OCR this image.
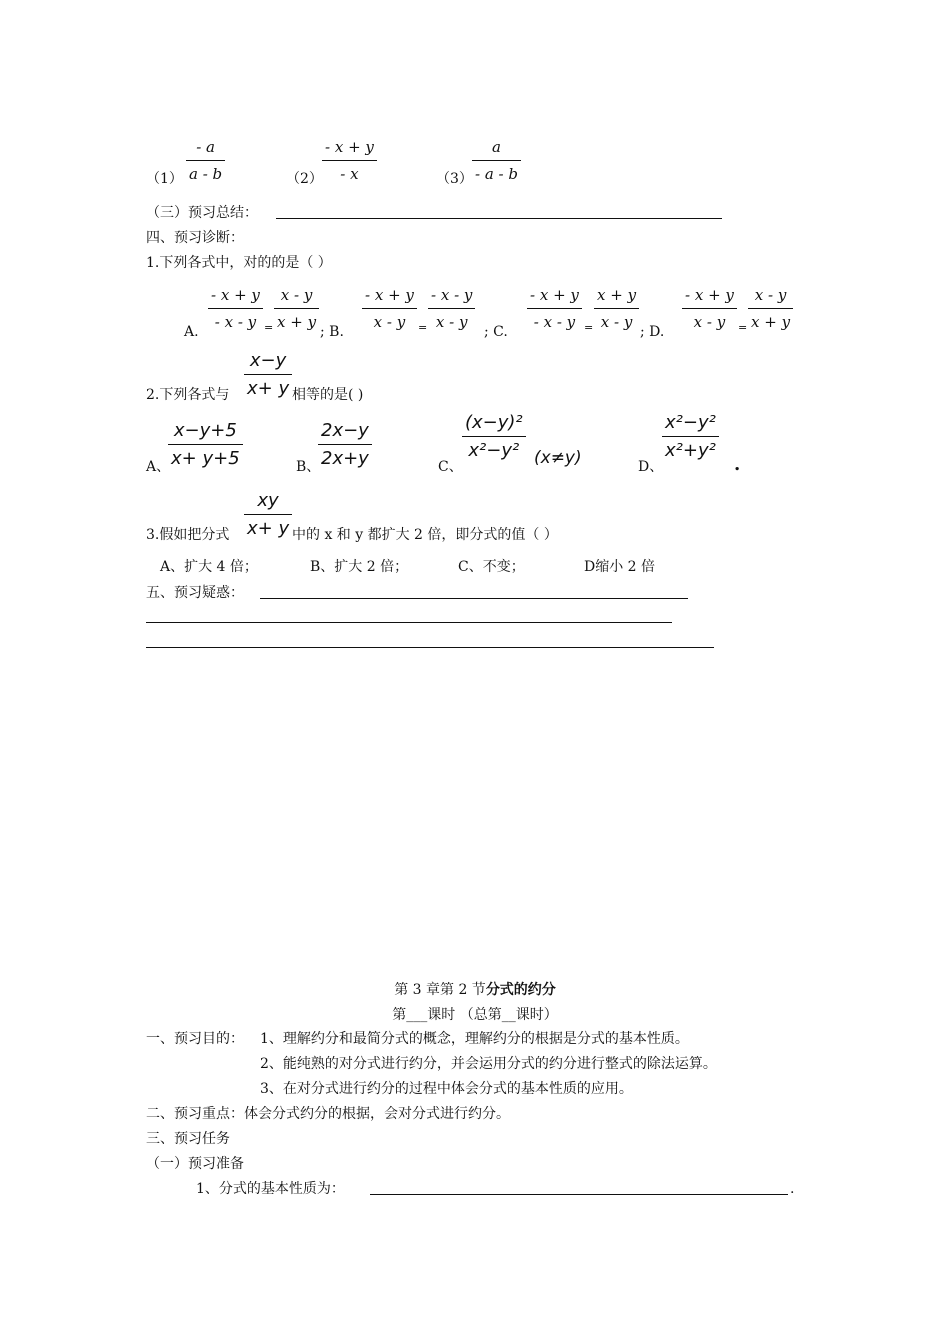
（1）
- a
a - b	（2）
- x + y
- x	（3）
a
- a - b
（三）预习总结：
四、预习诊断：
1.下列各式中，对的的是（ ）
A.
- x + y
- x - y =
x - y
x + y
; B.
- x + y
x - y =
- x - y
x - y
; C.
- x + y
- x - y =
x + y
x - y
; D.
- x + y
x - y =
x - y
x + y
x−y
x+ y
2.下列各式与	相等的是( )
A、
x−y+5
x+ y+5	B、
2x−y
2x+y	C、
(x−y)²
x²−y² (x≠y)	D、
x²−y²
x²+y²
.
xy
x+ y
3.假如把分式	中的 x 和 y 都扩大 2 倍，即分式的值（ ）
A、扩大 4 倍；	B、扩大 2 倍；	C、不变；	D缩小 2 倍
五、预习疑惑：
第 3 章第 2 节分式的约分
第___课时 （总第__课时）
一、预习目的： 1、理解约分和最简分式的概念，理解约分的根据是分式的基本性质。
2、能纯熟的对分式进行约分，并会运用分式的约分进行整式的除法运算。
3、在对分式进行约分的过程中体会分式的基本性质的应用。
二、预习重点：体会分式约分的根据，会对分式进行约分。
三、预习任务
（一）预习准备
1、分式的基本性质为：	.
